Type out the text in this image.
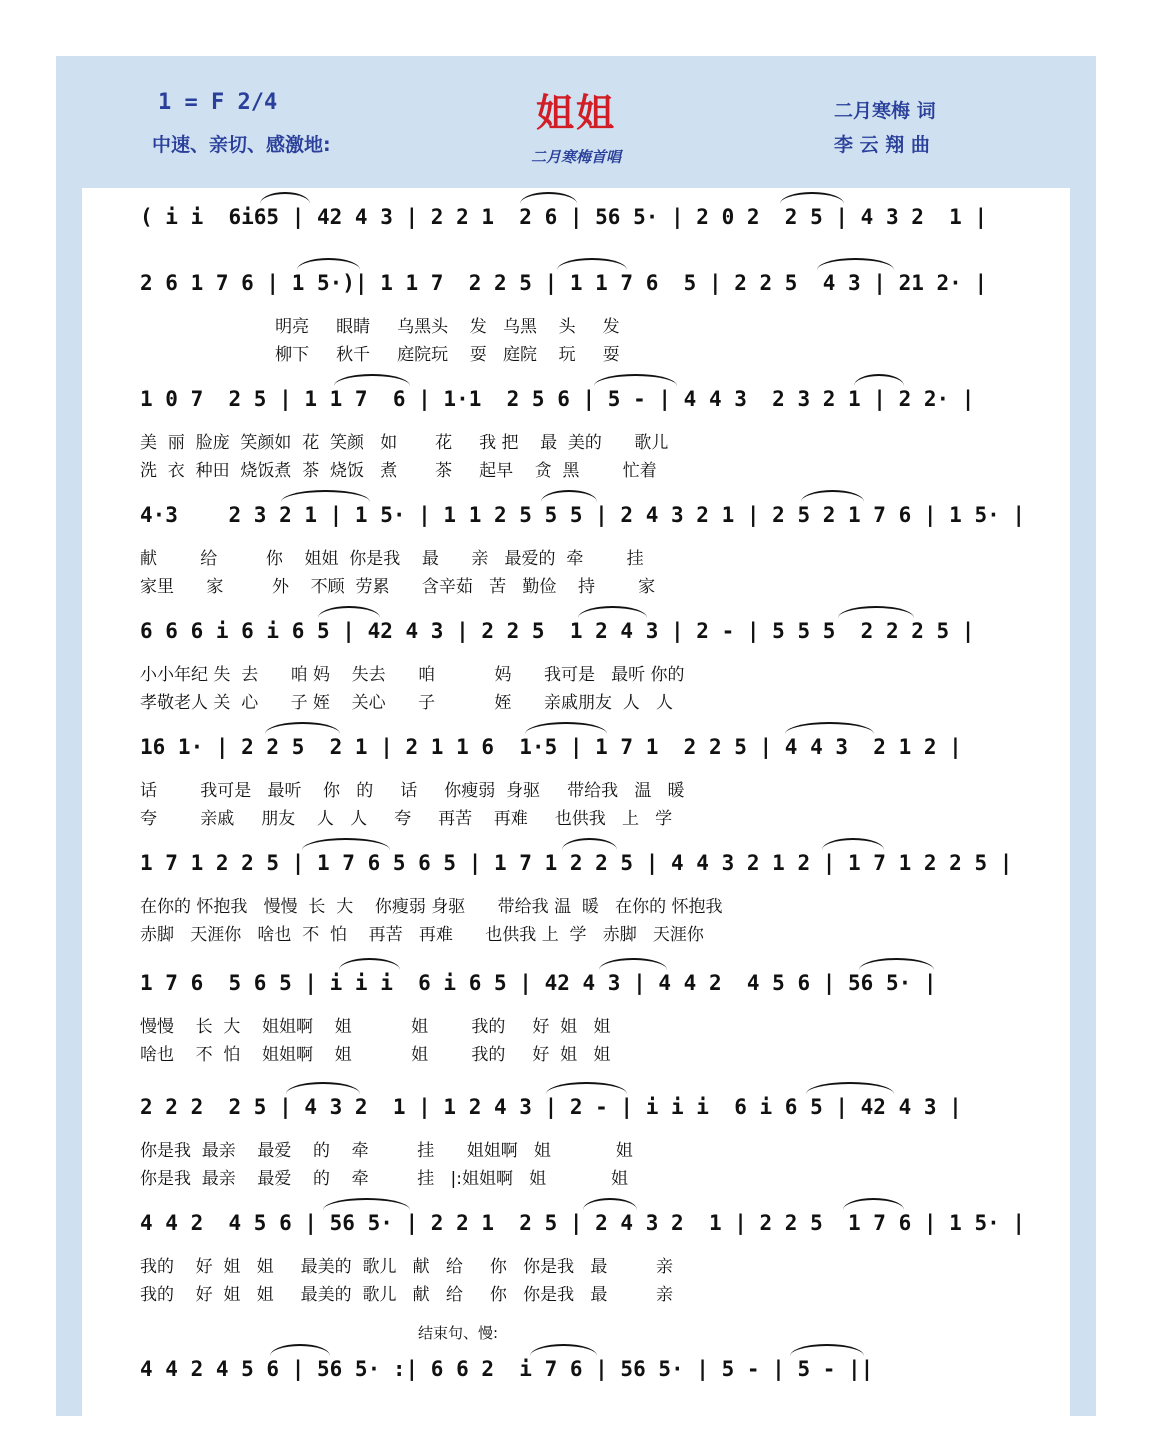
1 = F 2/4
中速、亲切、感激地:
姐姐
二月寒梅首唱
二月寒梅 词
李 云 翔 曲
( i i  6i65 | 42 4 3 | 2 2 1  2 6 | 56 5· | 2 0 2  2 5 | 4 3 2  1 |
2 6 1 7 6 | 1 5·)| 1 1 7  2 2 5 | 1 1 7 6  5 | 2 2 5  4 3 | 21 2· |
明亮     眼睛     乌黑头    发   乌黑    头     发
柳下     秋千     庭院玩    耍   庭院    玩     耍
1 0 7  2 5 | 1 1 7  6 | 1·1  2 5 6 | 5 - | 4 4 3  2 3 2 1 | 2 2· |
美  丽  脸庞  笑颜如  花  笑颜   如       花     我 把    最  美的      歌儿
洗  衣  种田  烧饭煮  茶  烧饭   煮       茶     起早    贪  黑        忙着
4·3    2 3 2 1 | 1 5· | 1 1 2 5 5 5 | 2 4 3 2 1 | 2 5 2 1 7 6 | 1 5· |
献        给         你    姐姐  你是我    最      亲   最爱的  牵        挂
家里      家         外    不顾  劳累      含辛茹   苦   勤俭    持        家
6 6 6 i 6 i 6 5 | 42 4 3 | 2 2 5  1 2 4 3 | 2 - | 5 5 5  2 2 2 5 |
小小年纪 失  去      咱 妈    失去      咱           妈      我可是   最听 你的
孝敬老人 关  心      子 姪    关心      子           姪      亲戚朋友  人   人
16 1· | 2 2 5  2 1 | 2 1 1 6  1·5 | 1 7 1  2 2 5 | 4 4 3  2 1 2 |
话        我可是   最听    你   的     话     你瘦弱  身驱     带给我   温   暖
夸        亲戚     朋友    人   人     夸     再苦    再难     也供我   上   学
1 7 1 2 2 5 | 1 7 6 5 6 5 | 1 7 1 2 2 5 | 4 4 3 2 1 2 | 1 7 1 2 2 5 |
在你的 怀抱我   慢慢  长  大    你瘦弱 身驱      带给我 温  暖   在你的 怀抱我
赤脚   天涯你   啥也  不  怕    再苦   再难      也供我 上  学   赤脚   天涯你
1 7 6  5 6 5 | i i i  6 i 6 5 | 42 4 3 | 4 4 2  4 5 6 | 56 5· |
慢慢    长  大    姐姐啊    姐           姐        我的     好  姐   姐
啥也    不  怕    姐姐啊    姐           姐        我的     好  姐   姐
2 2 2  2 5 | 4 3 2  1 | 1 2 4 3 | 2 - | i i i  6 i 6 5 | 42 4 3 |
你是我  最亲    最爱    的    牵         挂      姐姐啊   姐            姐
你是我  最亲    最爱    的    牵         挂   |:姐姐啊   姐            姐
4 4 2  4 5 6 | 56 5· | 2 2 1  2 5 | 2 4 3 2  1 | 2 2 5  1 7 6 | 1 5· |
我的    好  姐   姐     最美的  歌儿   献   给     你   你是我   最         亲
我的    好  姐   姐     最美的  歌儿   献   给     你   你是我   最         亲
4 4 2 4 5 6 | 56 5· :| 6 6 2  i 7 6 | 56 5· | 5 - | 5 - ||
结束句、慢:
